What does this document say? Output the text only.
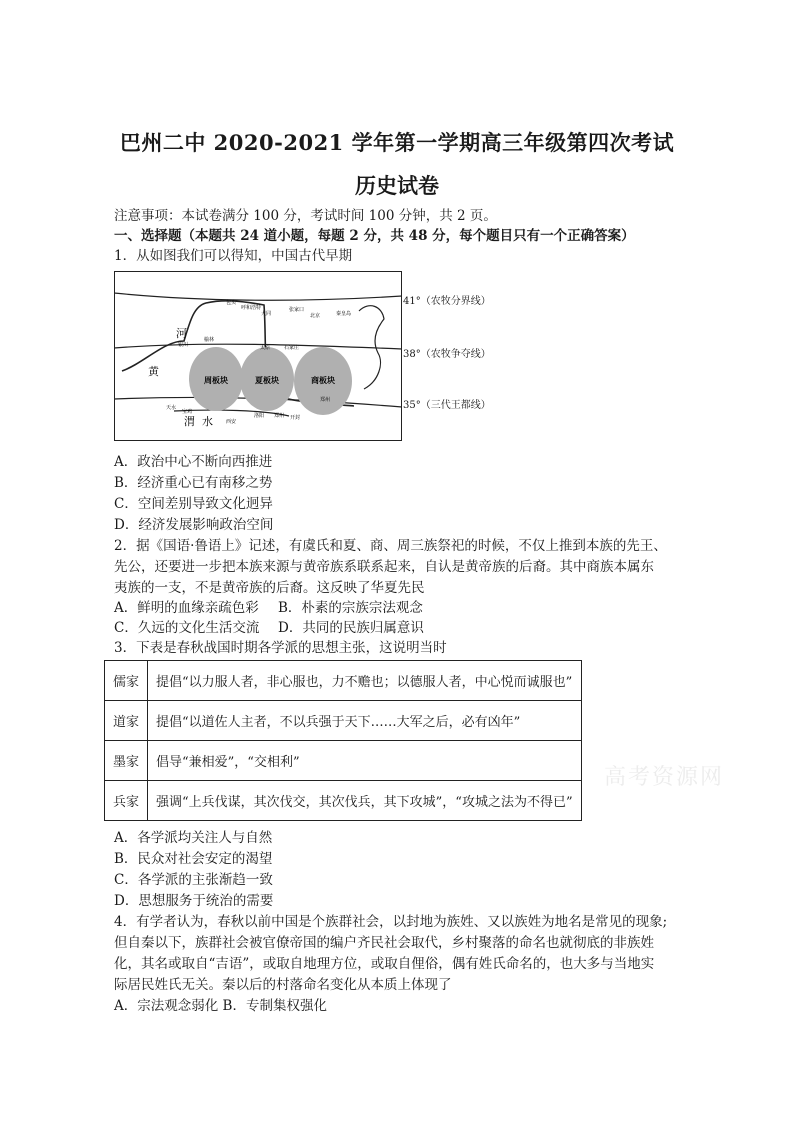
巴州二中 2020-2021 学年第一学期高三年级第四次考试
历史试卷
注意事项：本试卷满分 100 分，考试时间 100 分钟，共 2 页。
一、选择题（本题共 24 道小题，每题 2 分，共 48 分，每个题目只有一个正确答案）
1．从如图我们可以得知，中国古代早期
周板块	夏板块	商板块
河
黄
渭 水
包头
呼和浩特
大同
张家口
北京	秦皇岛
银川
榆林
太原	石家庄
天水
宝鸡
西安
洛阳 郑州 开封
郑州
41°（农牧分界线）
38°（农牧争夺线）
35°（三代王都线）
A．政治中心不断向西推进
B．经济重心已有南移之势
C．空间差别导致文化迥异
D．经济发展影响政治空间
2．据《国语·鲁语上》记述，有虞氏和夏、商、周三族祭祀的时候，不仅上推到本族的先王、
先公，还要进一步把本族来源与黄帝族系联系起来，自认是黄帝族的后裔。其中商族本属东
夷族的一支，不是黄帝族的后裔。这反映了华夏先民
A．鲜明的血缘亲疏色彩 B．朴素的宗族宗法观念
C．久远的文化生活交流 D．共同的民族归属意识
3．下表是春秋战国时期各学派的思想主张，这说明当时
儒家	提倡“以力服人者，非心服也，力不赡也；以德服人者，中心悦而诚服也”
道家	提倡“以道佐人主者，不以兵强于天下……大军之后，必有凶年”
墨家	倡导“兼相爱”，“交相利”
兵家	强调“上兵伐谋，其次伐交，其次伐兵，其下攻城”，“攻城之法为不得已”
高考资源网
A．各学派均关注人与自然
B．民众对社会安定的渴望
C．各学派的主张渐趋一致
D．思想服务于统治的需要
4．有学者认为，春秋以前中国是个族群社会，以封地为族姓、又以族姓为地名是常见的现象;
但自秦以下，族群社会被官僚帝国的编户齐民社会取代，乡村聚落的命名也就彻底的非族姓
化，其名或取自“吉语”，或取自地理方位，或取自俚俗，偶有姓氏命名的，也大多与当地实
际居民姓氏无关。秦以后的村落命名变化从本质上体现了
A．宗法观念弱化 B．专制集权强化
